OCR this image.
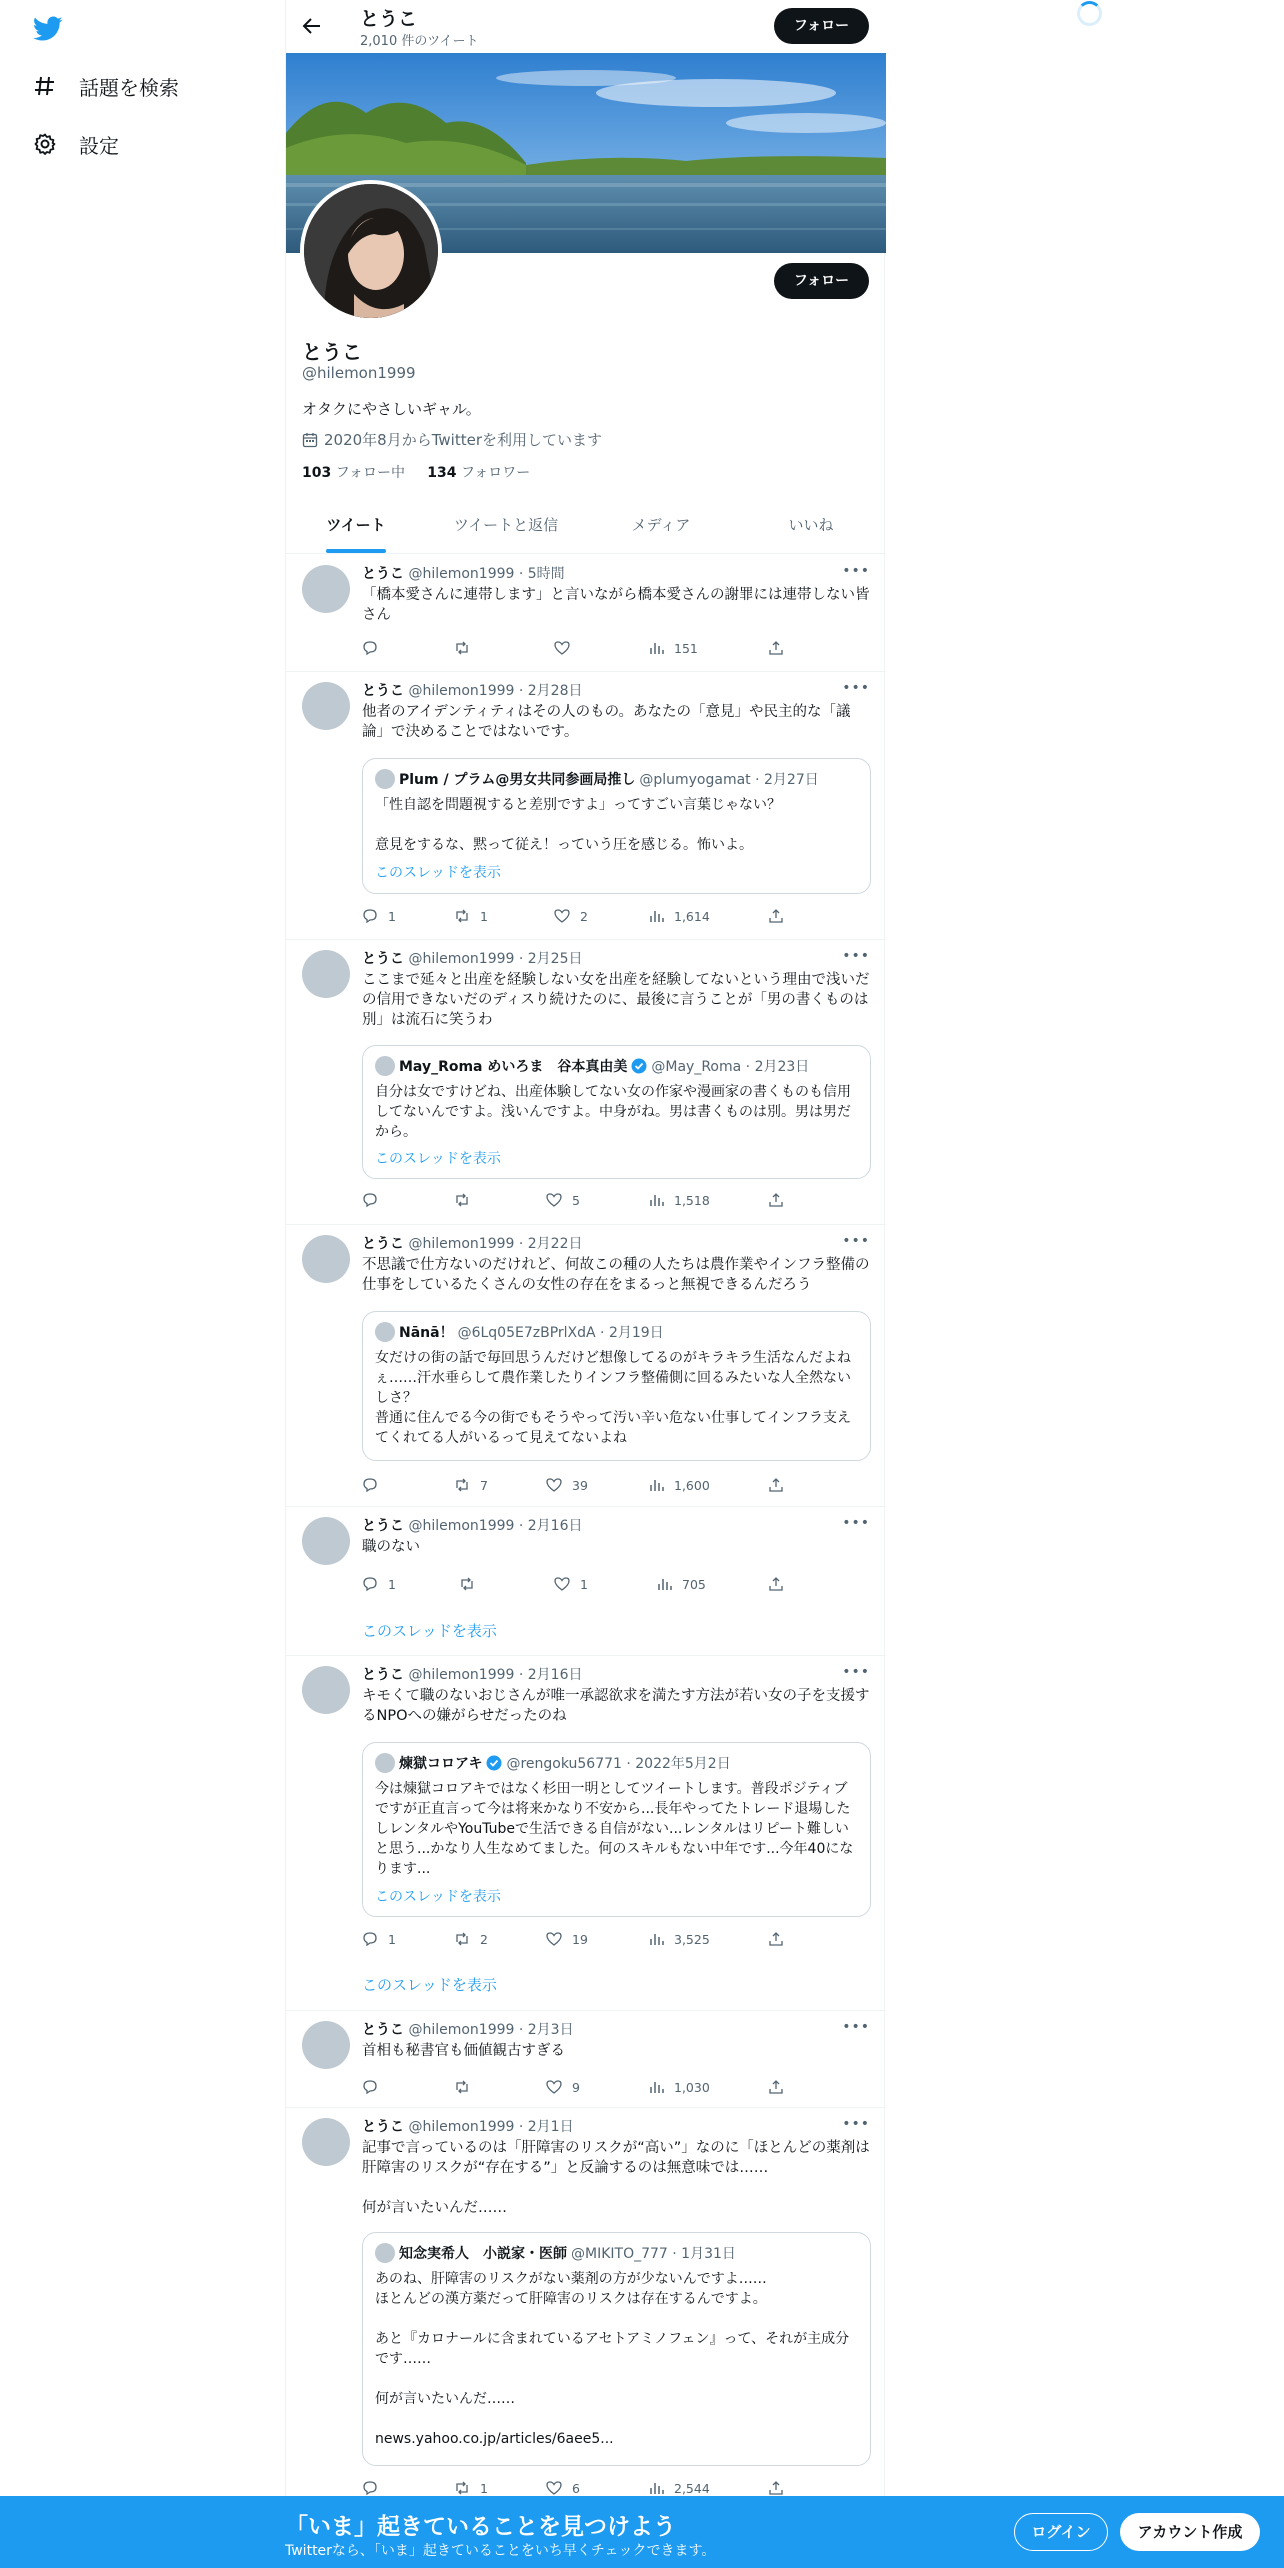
話題を検索
設定
とうこ
2,010 件のツイート
フォロー
フォロー
とうこ
@hilemon1999
オタクにやさしいギャル。
2020年8月からTwitterを利用しています
103 フォロー中 134 フォロワー
ツイート	ツイートと返信	メディア	いいね
とうこ @hilemon1999 · 5時間	•••
「橋本愛さんに連帯します」と言いながら橋本愛さんの謝罪には連帯しない皆さん
151
とうこ @hilemon1999 · 2月28日	•••
他者のアイデンティティはその人のもの。あなたの「意見」や民主的な「議論」で決めることではないです。
Plum / プラム@男女共同参画局推し @plumyogamat · 2月27日
「性自認を問題視すると差別ですよ」ってすごい言葉じゃない？

意見をするな、黙って従え！っていう圧を感じる。怖いよ。
このスレッドを表示
1	1	2	1,614
とうこ @hilemon1999 · 2月25日	•••
ここまで延々と出産を経験しない女を出産を経験してないという理由で浅いだの信用できないだのディスり続けたのに、最後に言うことが「男の書くものは別」は流石に笑うわ
May_Roma めいろま　谷本真由美 @May_Roma · 2月23日
自分は女ですけどね、出産体験してない女の作家や漫画家の書くものも信用してないんですよ。浅いんですよ。中身がね。男は書くものは別。男は男だから。
このスレッドを表示
5	1,518
とうこ @hilemon1999 · 2月22日	•••
不思議で仕方ないのだけれど、何故この種の人たちは農作業やインフラ整備の仕事をしているたくさんの女性の存在をまるっと無視できるんだろう
Nānā！ @6Lq05E7zBPrlXdA · 2月19日
女だけの街の話で毎回思うんだけど想像してるのがキラキラ生活なんだよねぇ……汗水垂らして農作業したりインフラ整備側に回るみたいな人全然ないしさ？
普通に住んでる今の街でもそうやって汚い辛い危ない仕事してインフラ支えてくれてる人がいるって見えてないよね
7	39	1,600
とうこ @hilemon1999 · 2月16日	•••
職のない
1	1	705
このスレッドを表示
とうこ @hilemon1999 · 2月16日	•••
キモくて職のないおじさんが唯一承認欲求を満たす方法が若い女の子を支援するNPOへの嫌がらせだったのね
煉獄コロアキ @rengoku56771 · 2022年5月2日
今は煉獄コロアキではなく杉田一明としてツイートします。普段ポジティブですが正直言って今は将来かなり不安から...長年やってたトレード退場したしレンタルやYouTubeで生活できる自信がない...レンタルはリピート難しいと思う...かなり人生なめてました。何のスキルもない中年です...今年40になります...
このスレッドを表示
1	2	19	3,525
このスレッドを表示
とうこ @hilemon1999 · 2月3日	•••
首相も秘書官も価値観古すぎる
9	1,030
とうこ @hilemon1999 · 2月1日	•••
記事で言っているのは「肝障害のリスクが“高い”」なのに「ほとんどの薬剤は肝障害のリスクが“存在する”」と反論するのは無意味では……

何が言いたいんだ……
知念実希人　小説家・医師 @MIKITO_777 · 1月31日
あのね、肝障害のリスクがない薬剤の方が少ないんですよ……
ほとんどの漢方薬だって肝障害のリスクは存在するんですよ。

あと『カロナールに含まれているアセトアミノフェン』って、それが主成分です……

何が言いたいんだ……

news.yahoo.co.jp/articles/6aee5...
1	6	2,544
「いま」起きていることを見つけよう
Twitterなら、「いま」起きていることをいち早くチェックできます。
ログイン	アカウント作成
